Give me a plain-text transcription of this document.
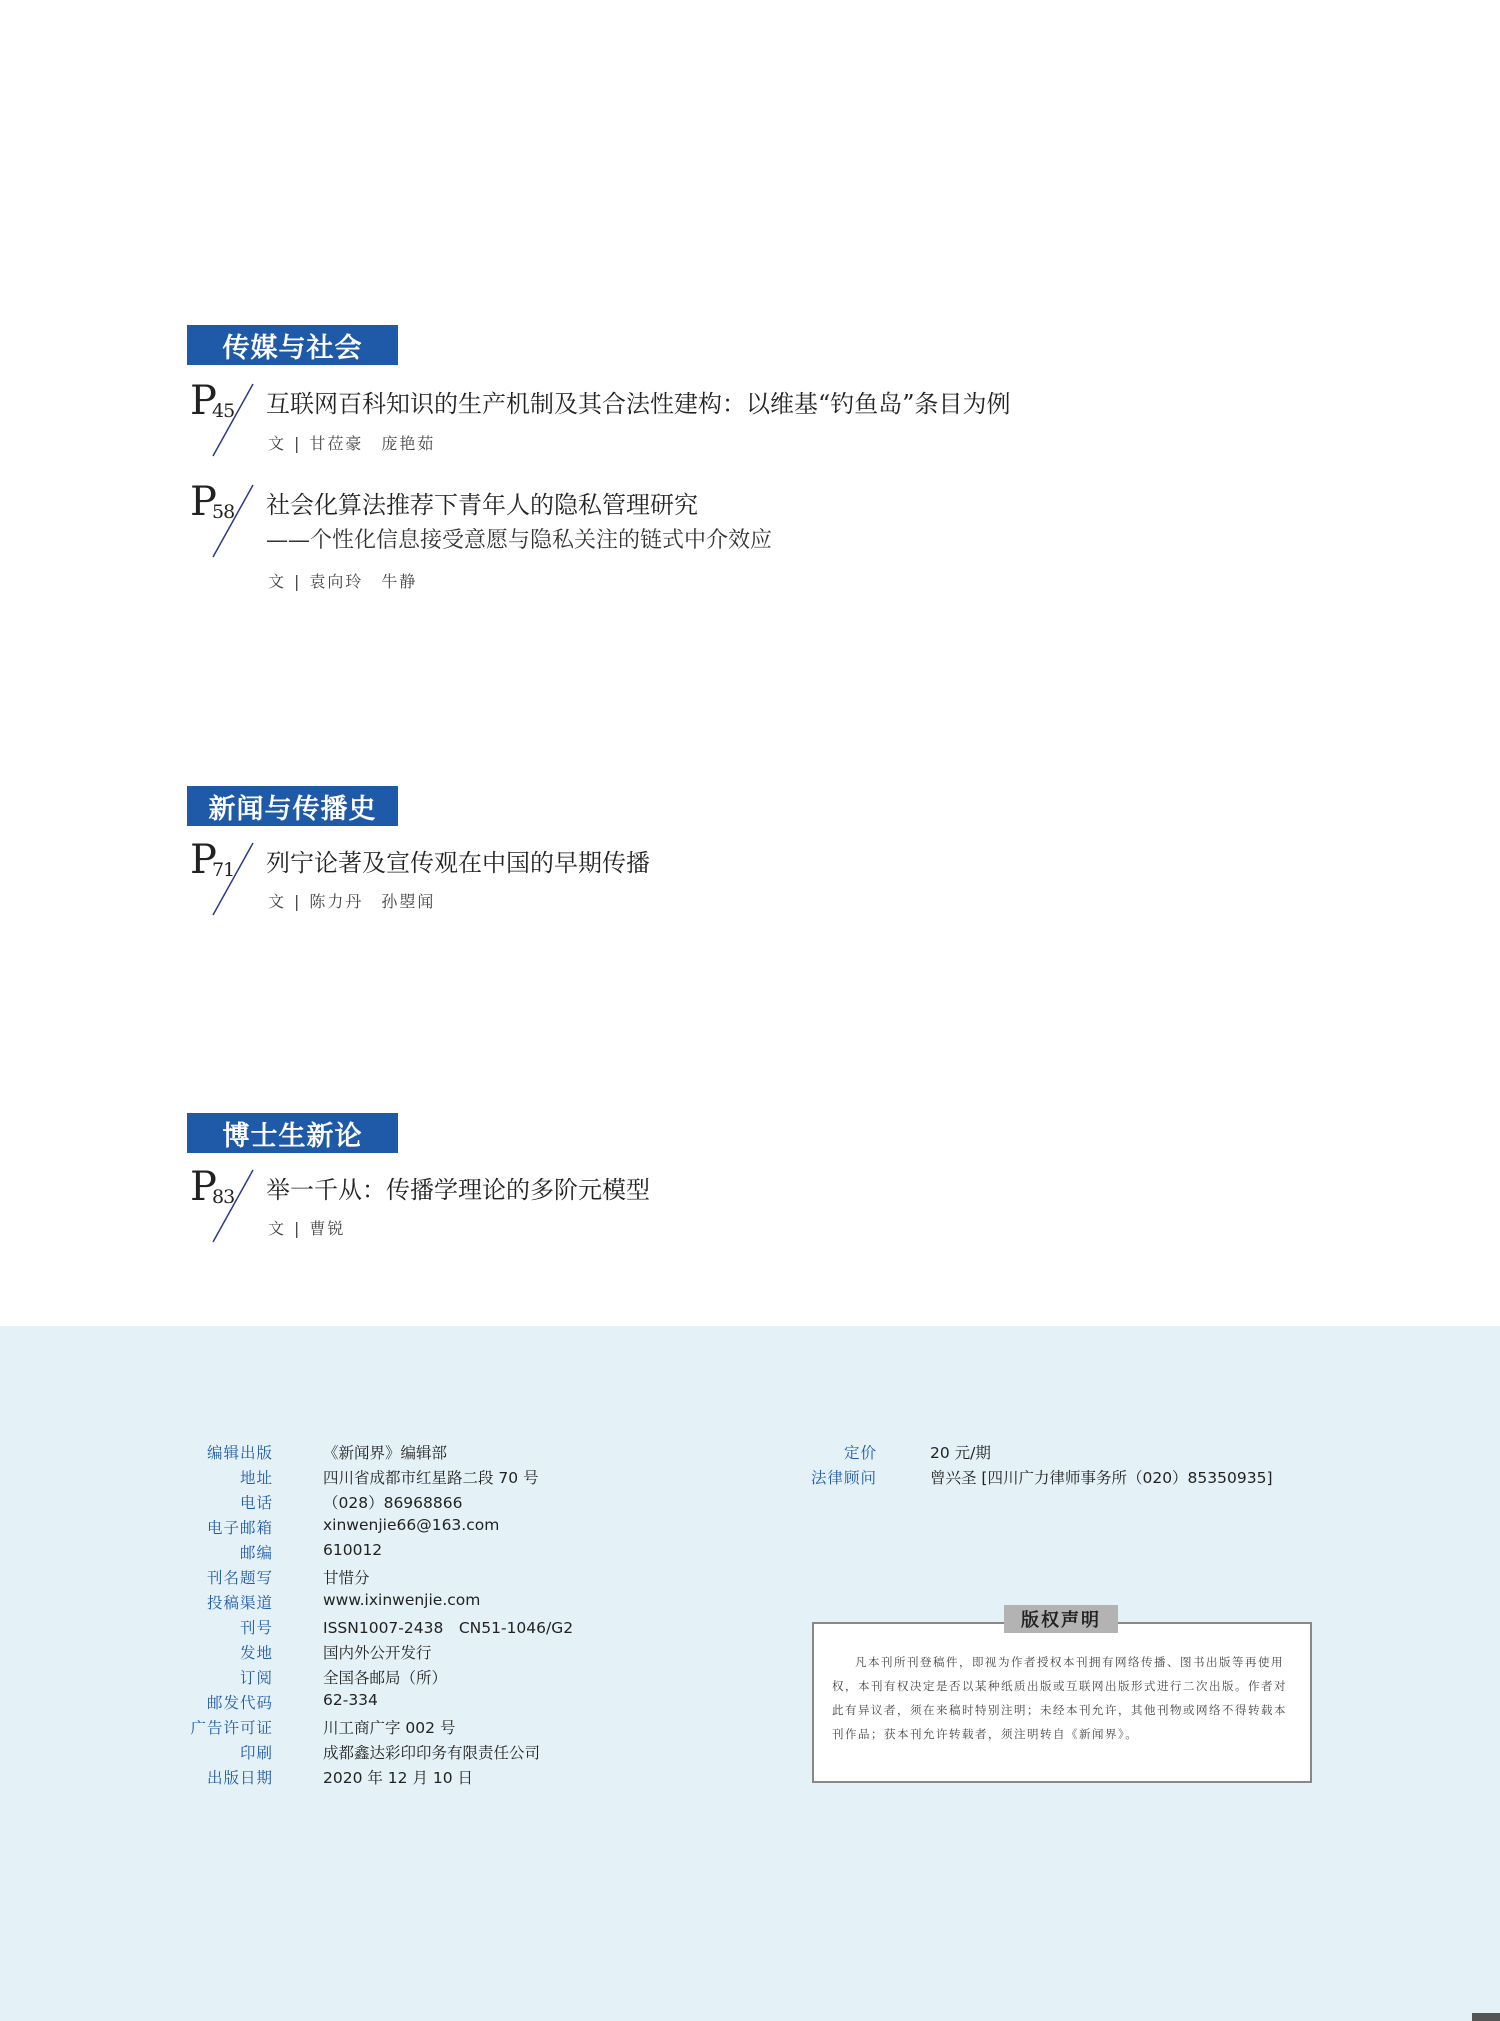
传媒与社会
P
45 互联网百科知识的生产机制及其合法性建构：以维基“钓鱼岛”条目为例
文 | 甘莅豪　庞艳茹
P
58 社会化算法推荐下青年人的隐私管理研究
——个性化信息接受意愿与隐私关注的链式中介效应
文 | 袁向玲　牛静
新闻与传播史
P
71 列宁论著及宣传观在中国的早期传播
文 | 陈力丹　孙曌闻
博士生新论
P
83 举一千从：传播学理论的多阶元模型
文 | 曹锐
编辑出版	《新闻界》编辑部
地址	四川省成都市红星路二段 70 号
电话	（028）86968866
电子邮箱	xinwenjie66@163.com
邮编	610012
刊名题写	甘惜分
投稿渠道	www.ixinwenjie.com
刊号	ISSN1007-2438　CN51-1046/G2
发地	国内外公开发行
订阅	全国各邮局（所）
邮发代码	62-334
广告许可证	川工商广字 002 号
印刷	成都鑫达彩印印务有限责任公司
出版日期	2020 年 12 月 10 日
定价	20 元/期
法律顾问	曾兴圣 [四川广力律师事务所（020）85350935]
凡本刊所刊登稿件，即视为作者授权本刊拥有网络传播、图书出版等再使用权，本刊有权决定是否以某种纸质出版或互联网出版形式进行二次出版。作者对此有异议者，须在来稿时特别注明；未经本刊允许，其他刊物或网络不得转载本刊作品；获本刊允许转载者，须注明转自《新闻界》。
版权声明
